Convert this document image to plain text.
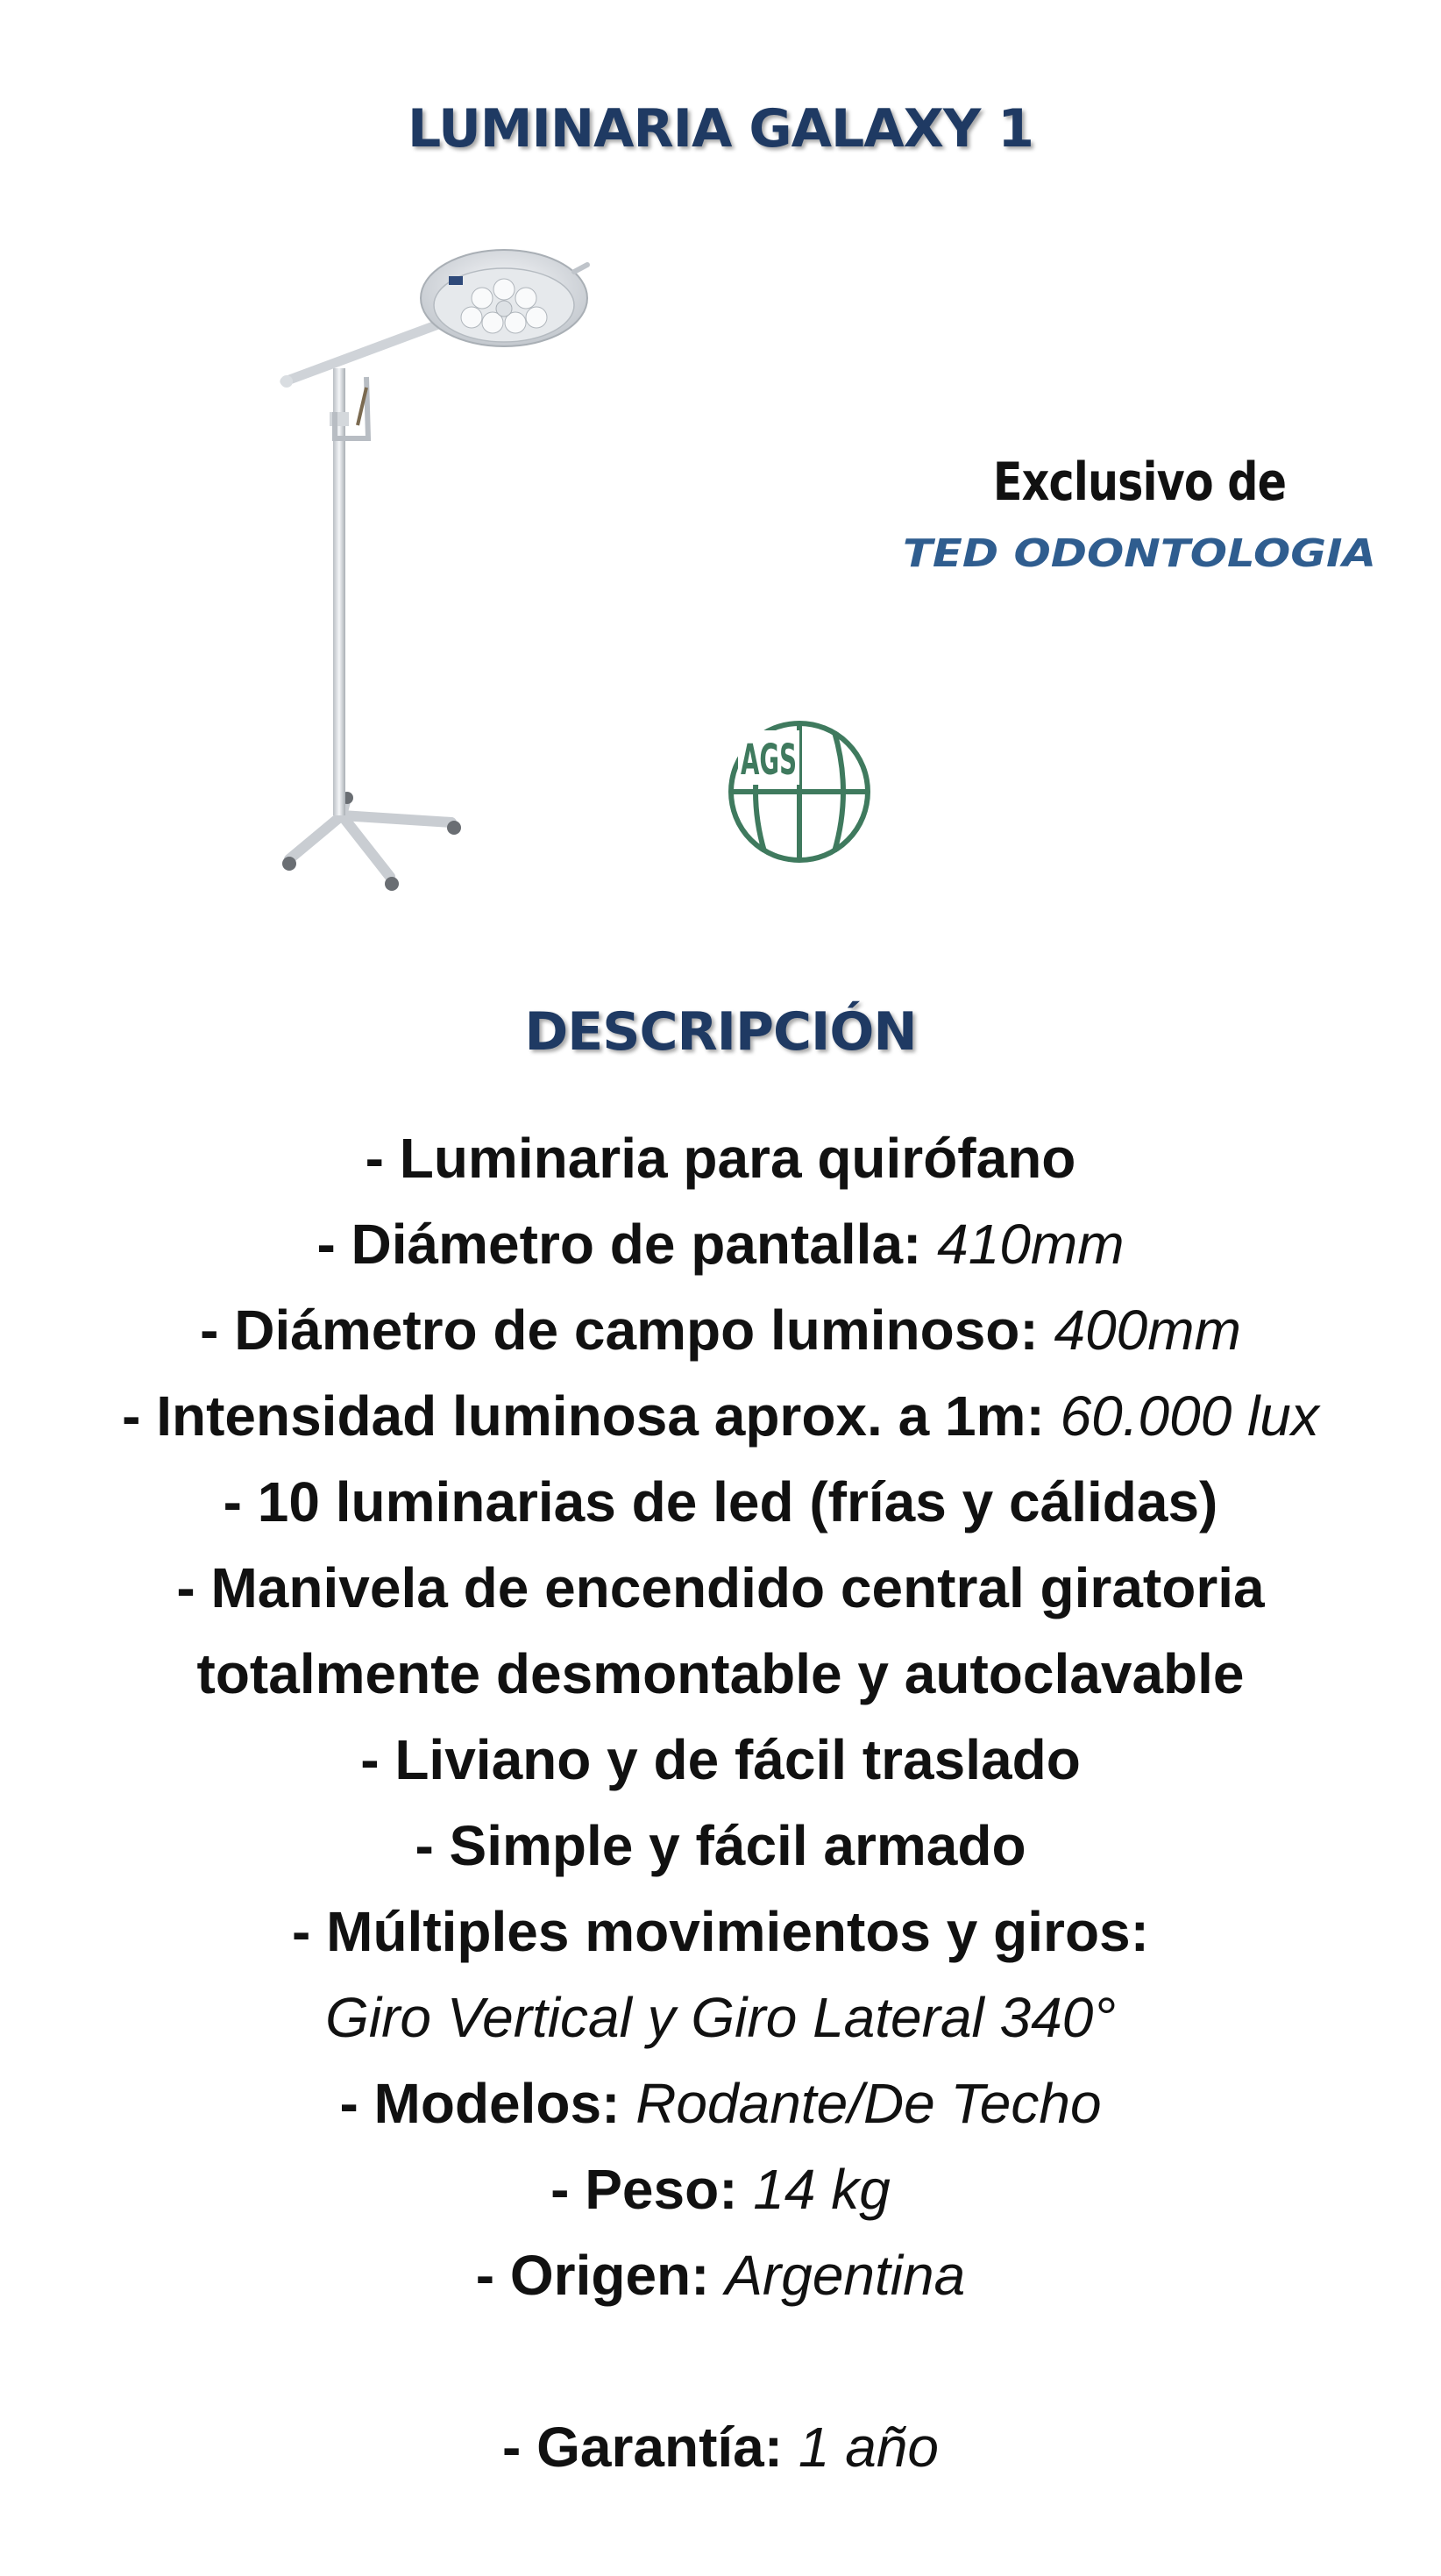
LUMINARIA GALAXY 1
Exclusivo de
TED ODONTOLOGIA
AGS
DESCRIPCIÓN
- Luminaria para quirófano
- Diámetro de pantalla: 410mm
- Diámetro de campo luminoso: 400mm
- Intensidad luminosa aprox. a 1m: 60.000 lux
- 10 luminarias de led (frías y cálidas)
- Manivela de encendido central giratoria
totalmente desmontable y autoclavable
- Liviano y de fácil traslado
- Simple y fácil armado
- Múltiples movimientos y giros:
Giro Vertical y Giro Lateral 340°
- Modelos: Rodante/De Techo
- Peso: 14 kg
- Origen: Argentina
- Garantía: 1 año
